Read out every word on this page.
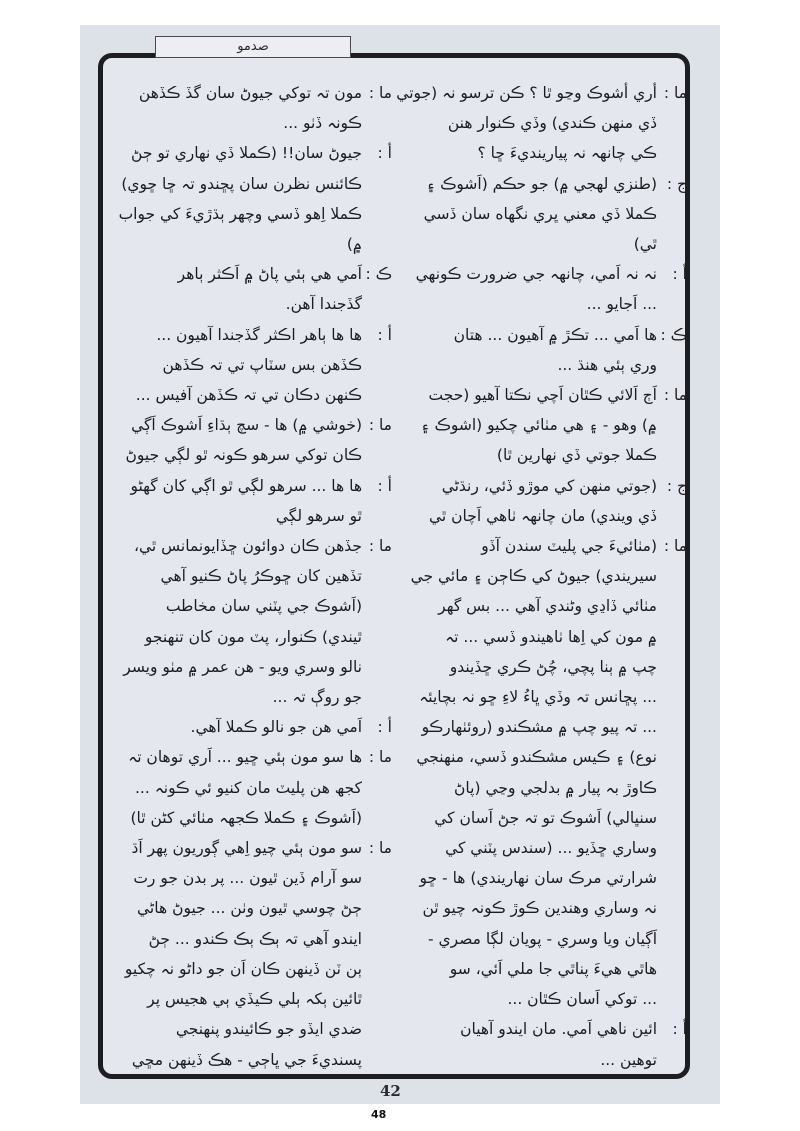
صدمو
ما :
أري أشوڪ وڃو ٿا ؟ ڪن ترسو نہ (جوتي
ڏي منهن ڪندي) وڏي ڪنوار هنن
ڪي چانهہ نہ پيارينديءَ ڇا ؟
ج :
(طنزي لهجي ۾) جو حڪم (اَشوڪ ۽
ڪملا ڏي معني ڀري نگهاه سان ڏسي
ٿي)
أ :
نہ نہ اَمي، چانهہ جي ضرورت ڪونهي
... اَجايو ...
ڪ :
ها اَمي ... تڪڙ ۾ آهيون ... هتان
وري ٻئي هنڌ ...
ما :
اَڄ اَلائي ڪٿان اَچي نڪتا آهيو (حجت
۾) وهو - ۽ هي مٺائي چکيو (اشوڪ ۽
ڪملا جوتي ڏي نهارين ٿا)
ج :
(جوتي منهن کي موڙو ڏئي، رنڌڻي
ڏي ويندي) مان چانهہ ٺاهي اَچان ٿي
ما :
(مٺائيءَ جي پليٽ سندن آڏو
سيريندي) جيوڻ کي ڪاڄن ۽ مائي جي
مٺائي ڏاڍي وڻندي آهي ... بس گهر
۾ مون کي اِها ٺاهيندو ڏسي ... تہ
چپ ۾ ٻنا پچي، چُڻ ڪري ڇڏيندو
... پڇانس تہ وڏي ڀاءُ لاءِ ڇو نہ بچايئہ
... تہ پيو چپ ۾ مشڪندو (روئٺهارڪو
نوع) ۽ ڪيس مشڪندو ڏسي، منهنجي
ڪاوڙ بہ پيار ۾ بدلجي وڃي (پاڻ
سنڀالي) اَشوڪ تو تہ جڻ اَسان کي
وساري ڇڏيو ... (سندس پٽني کي
شرارتي مرڪ سان نهاريندي) ها - ڇو
نہ وساري وهندين ڪوڙ ڪونہ چيو ٿن
اَڳيان ويا وسري - پويان لڳا مصري -
هاٿي هيءَ پناٿي جا ملي اَئي، سو
... توکي اَسان ڪٿان ...
أ :
ائين ناهي اَمي. مان ايندو آهيان
توهين ...
ما :
مون تہ توکي جيوڻ سان گڏ ڪڏهن
ڪونہ ڏٺو ...
أ :
جيوڻ سان!! (ڪملا ڏي نهاري تو ڄڻ
ڪائنس نظرن سان پڇندو تہ ڇا ڇوي)
ڪملا اِهو ڏسي وچهر ٻڌڙيءَ کي جواب
۾)
ڪ :
اَمي هي ٻئي پاڻ ۾ اَڪثر ٻاهر
گڏجندا آهن.
أ :
ها ها ٻاهر اڪثر گڏجندا آهيون ...
ڪڏهن بس سٽاپ تي تہ ڪڏهن
ڪنهن دڪان تي تہ ڪڏهن آفيس ...
ما :
(خوشي ۾) ها - سچ ٻڌاءِ اَشوڪ اَڳي
ڪان توکي سرهو ڪونہ ٿو لڳي جيوڻ
أ :
ها ها ... سرهو لڳي ٿو اڳي کان گهڻو
ٿو سرهو لڳي
ما :
جڏهن ڪان دوائون ڇڏايونمانس ٿي،
تڏهين کان ڇوڪرُ پاڻ ڪنيو آهي
(اَشوڪ جي پٽني سان مخاطب
ٿيندي) ڪنوار، پٽ مون کان تنهنجو
نالو وسري ويو - هن عمر ۾ مٺو ويسر
جو روڳ تہ ...
أ :
اَمي هن جو نالو ڪملا آهي.
ما :
ها سو مون ٻئي ڇيو ... اَري توهان تہ
کجھ هن پليٽ مان کنيو ئي ڪونہ ...
(اَشوڪ ۽ ڪملا ڪجهہ مٺائي کڻن ٿا)
ما :
سو مون ٻئي چيو اِهي ڳوريون پهر اَڌ
سو آرام ڏين ٿيون ... پر بدن جو رت
ڄڻ چوسي ٿيون وٺن ... جيوڻ هاڻي
ايندو آهي تہ ٻڪ ٻڪ ڪندو ... ڄڻ
ٻن ٽن ڏينهن ڪان اَن جو داڻو نہ چکيو
ٿائين ٻکہ ٻلي ڪيڏي ٻي هجيس پر
ضدي ايڏو جو ڪائيندو پنهنجي
پسنديءَ جي ڀاڄي - هڪ ڏينهن مڇي
42
48
